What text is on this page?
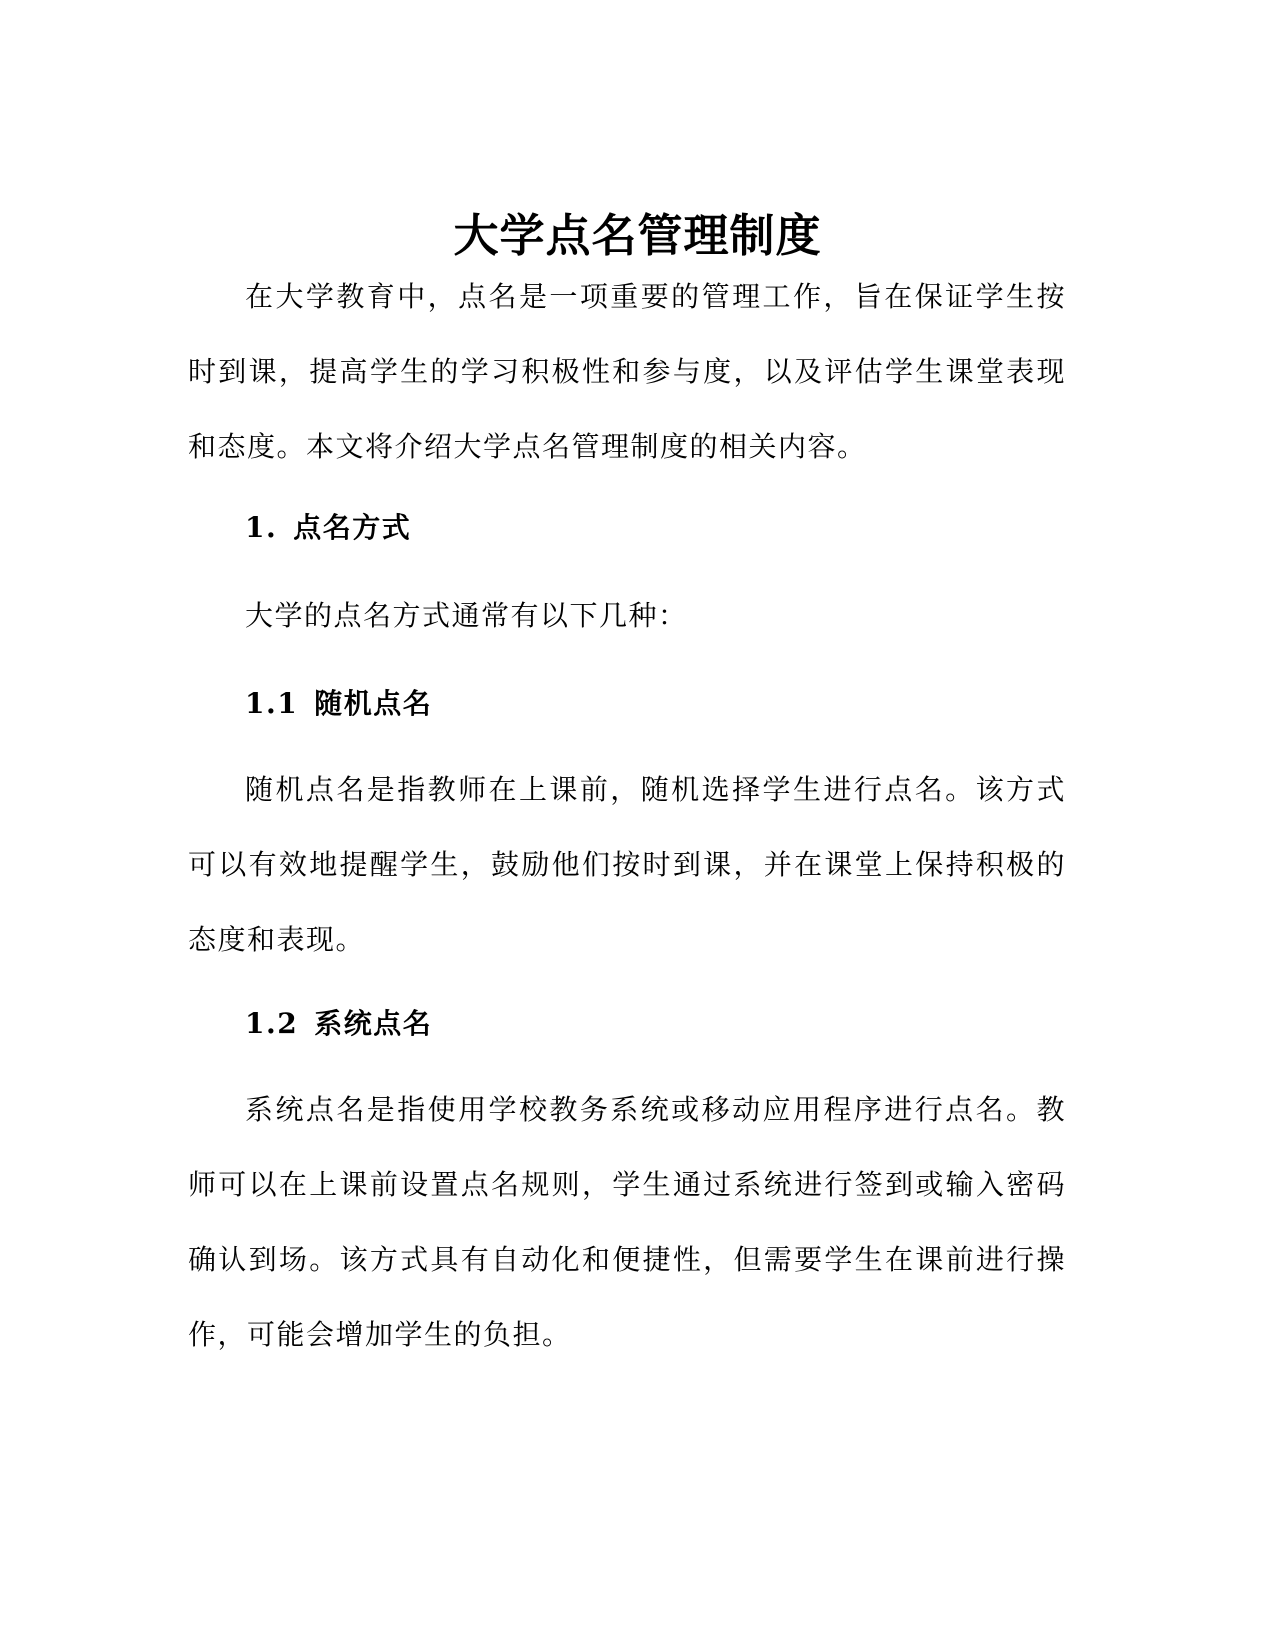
大学点名管理制度

在大学教育中，点名是一项重要的管理工作，旨在保证学生按时到课，提高学生的学习积极性和参与度，以及评估学生课堂表现和态度。本文将介绍大学点名管理制度的相关内容。

1. 点名方式

大学的点名方式通常有以下几种：

1.1 随机点名

随机点名是指教师在上课前，随机选择学生进行点名。该方式可以有效地提醒学生，鼓励他们按时到课，并在课堂上保持积极的态度和表现。

1.2 系统点名

系统点名是指使用学校教务系统或移动应用程序进行点名。教师可以在上课前设置点名规则，学生通过系统进行签到或输入密码确认到场。该方式具有自动化和便捷性，但需要学生在课前进行操作，可能会增加学生的负担。
